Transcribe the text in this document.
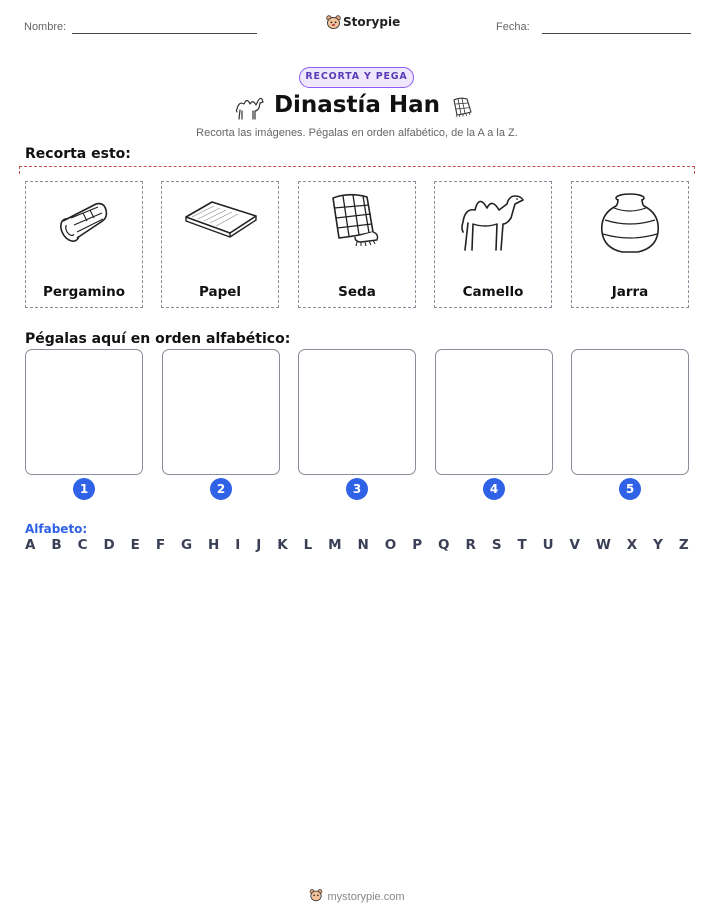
Nombre:	Storypie	Fecha:
RECORTA Y PEGA
Dinastía Han
Recorta las imágenes. Pégalas en orden alfabético, de la A a la Z.
Recorta esto:
Pergamino	Papel	Seda	Camello	Jarra
Pégalas aquí en orden alfabético:
1	2	3	4	5
Alfabeto:
A B C D E F G H I J K L M N O P Q R S T U V W X Y Z
mystorypie.com
